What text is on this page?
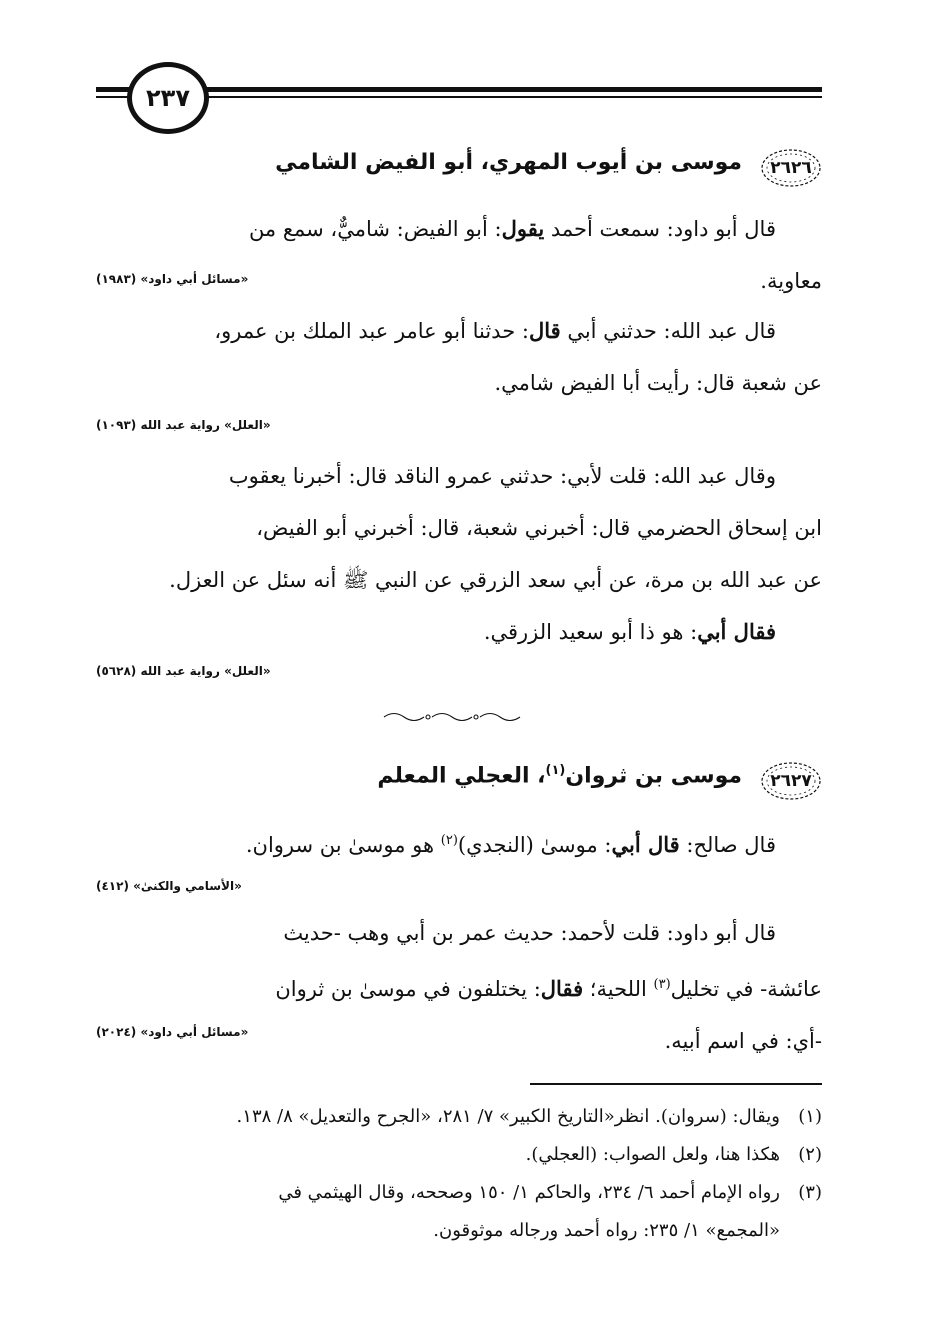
٢٣٧
٢٦٢٦
موسى بن أيوب المهري، أبو الفيض الشامي
قال أبو داود: سمعت أحمد يقول: أبو الفيض: شاميٌّ، سمع من
معاوية.
«مسائل أبي داود» (١٩٨٣)
قال عبد الله: حدثني أبي قال: حدثنا أبو عامر عبد الملك بن عمرو،
عن شعبة قال: رأيت أبا الفيض شامي.
«العلل» رواية عبد الله (١٠٩٣)
وقال عبد الله: قلت لأبي: حدثني عمرو الناقد قال: أخبرنا يعقوب
ابن إسحاق الحضرمي قال: أخبرني شعبة، قال: أخبرني أبو الفيض،
عن عبد الله بن مرة، عن أبي سعد الزرقي عن النبي ﷺ أنه سئل عن العزل.
فقال أبي: هو ذا أبو سعيد الزرقي.
«العلل» رواية عبد الله (٥٦٢٨)
٢٦٢٧
موسى بن ثروان$^{(١)}$، العجلي المعلم
قال صالح: قال أبي: موسىٰ (النجدي)$^{(٢)}$ هو موسىٰ بن سروان.
«الأسامي والكنىٰ» (٤١٢)
قال أبو داود: قلت لأحمد: حديث عمر بن أبي وهب -حديث
عائشة- في تخليل$^{(٣)}$ اللحية؛ فقال: يختلفون في موسىٰ بن ثروان
-أي: في اسم أبيه.
«مسائل أبي داود» (٢٠٢٤)
(١)ويقال: (سروان). انظر«التاريخ الكبير» ٧/ ٢٨١، «الجرح والتعديل» ٨/ ١٣٨.
(٢)هكذا هنا، ولعل الصواب: (العجلي).
(٣)رواه الإمام أحمد ٦/ ٢٣٤، والحاكم ١/ ١٥٠ وصححه، وقال الهيثمي في
«المجمع» ١/ ٢٣٥: رواه أحمد ورجاله موثوقون.
